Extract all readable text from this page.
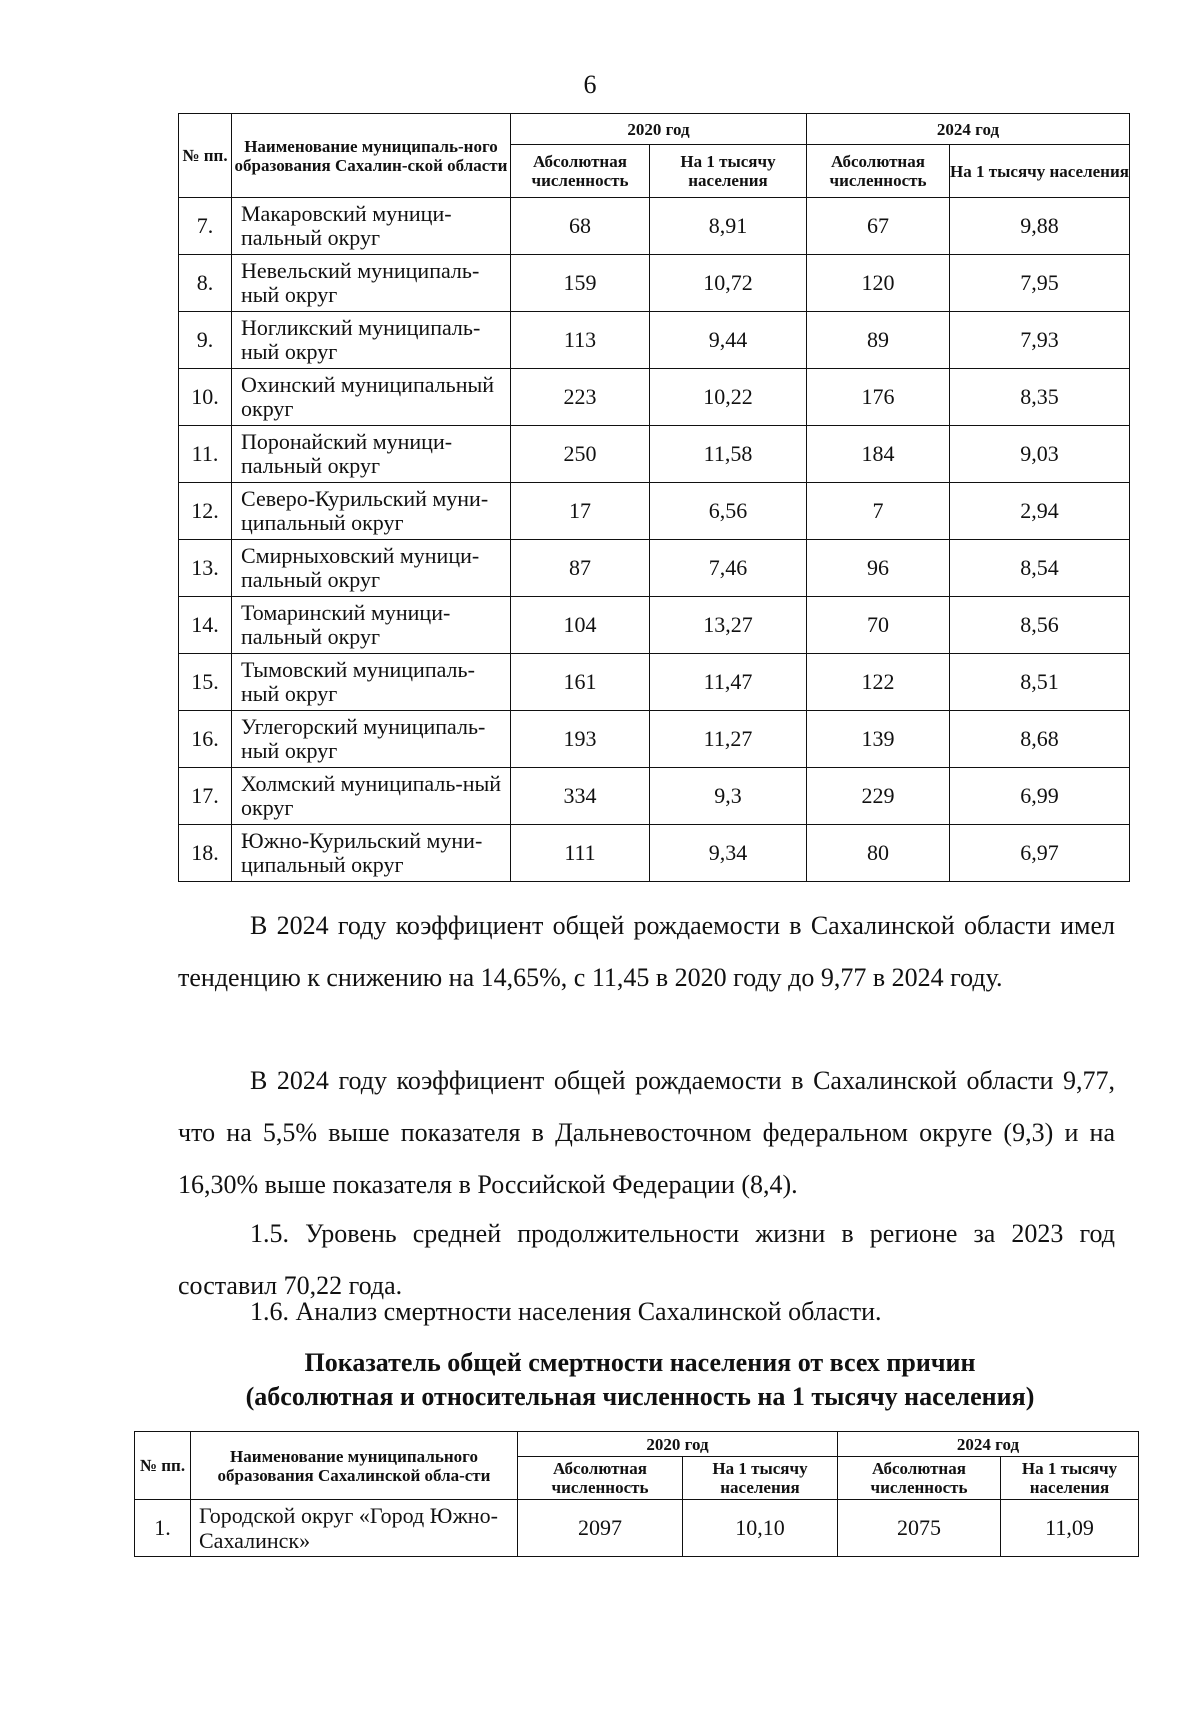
6
№ пп.	Наименование муниципаль-ного образования Сахалин-ской области	2020 год		2024 год	
		Абсолютная численность	На 1 тысячу населения	Абсолютная численность	На 1 тысячу населения
7.	Макаровский муници-пальный округ	68	8,91	67	9,88
8.	Невельский муниципаль-ный округ	159	10,72	120	7,95
9.	Ногликский муниципаль-ный округ	113	9,44	89	7,93
10.	Охинский муниципальный округ	223	10,22	176	8,35
11.	Поронайский муници-пальный округ	250	11,58	184	9,03
12.	Северо-Курильский муни-ципальный округ	17	6,56	7	2,94
13.	Смирныховский муници-пальный округ	87	7,46	96	8,54
14.	Томаринский муници-пальный округ	104	13,27	70	8,56
15.	Тымовский муниципаль-ный округ	161	11,47	122	8,51
16.	Углегорский муниципаль-ный округ	193	11,27	139	8,68
17.	Холмский муниципаль-ный округ	334	9,3	229	6,99
18.	Южно-Курильский муни-ципальный округ	111	9,34	80	6,97
В 2024 году коэффициент общей рождаемости в Сахалинской области имел тенденцию к снижению на 14,65%, с 11,45 в 2020 году до 9,77 в 2024 году.
В 2024 году коэффициент общей рождаемости в Сахалинской области 9,77, что на 5,5% выше показателя в Дальневосточном федеральном округе (9,3) и на 16,30% выше показателя в Российской Федерации (8,4).
1.5. Уровень средней продолжительности жизни в регионе за 2023 год составил 70,22 года.
1.6. Анализ смертности населения Сахалинской области.
Показатель общей смертности населения от всех причин
(абсолютная и относительная численность на 1 тысячу населения)
№ пп.	Наименование муниципального образования Сахалинской обла-сти	2020 год		2024 год	
		Абсолютная численность	На 1 тысячу населения	Абсолютная численность	На 1 тысячу населения
1.	Городской округ «Город Южно-Сахалинск»	2097	10,10	2075	11,09
